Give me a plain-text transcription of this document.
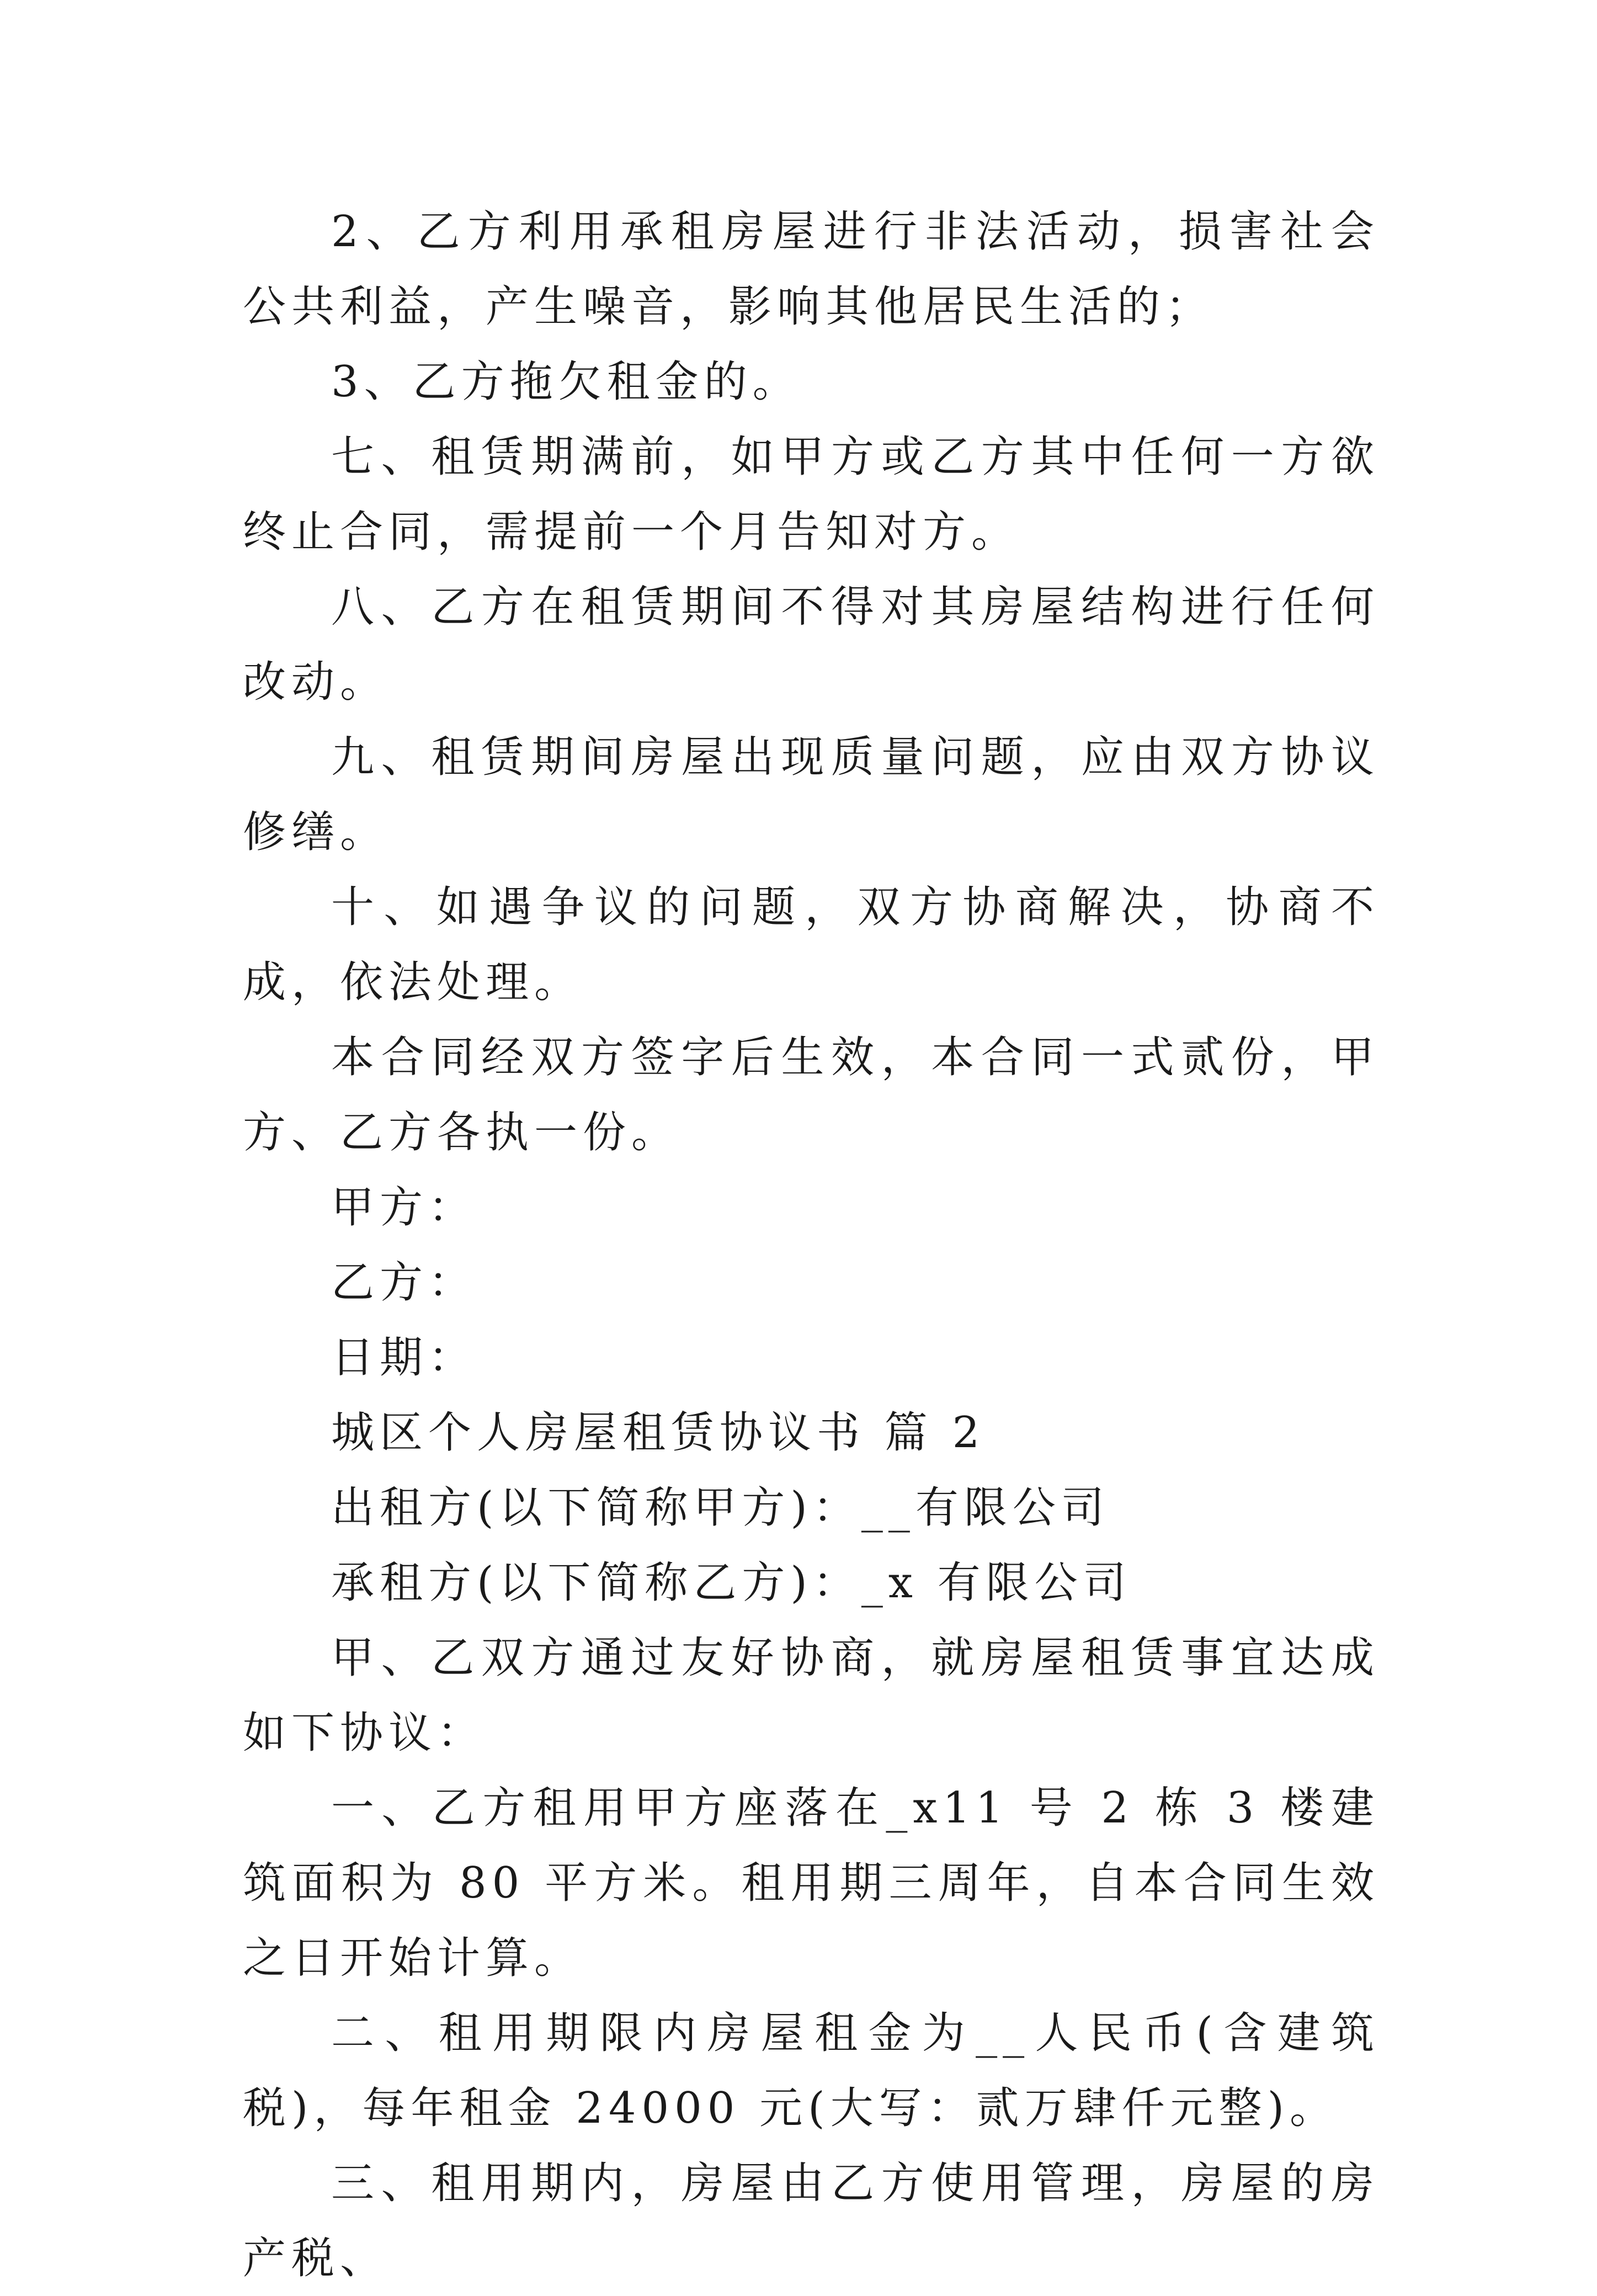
2、乙方利用承租房屋进行非法活动，损害社会公共利益，产生噪音，影响其他居民生活的；

3、乙方拖欠租金的。

七、租赁期满前，如甲方或乙方其中任何一方欲终止合同，需提前一个月告知对方。

八、乙方在租赁期间不得对其房屋结构进行任何改动。

九、租赁期间房屋出现质量问题，应由双方协议修缮。

十、如遇争议的问题，双方协商解决，协商不成，依法处理。

本合同经双方签字后生效，本合同一式贰份，甲方、乙方各执一份。

甲方：

乙方：

日期：

城区个人房屋租赁协议书 篇 2

出租方(以下简称甲方)：__有限公司

承租方(以下简称乙方)：_x 有限公司

甲、乙双方通过友好协商，就房屋租赁事宜达成如下协议：

一、乙方租用甲方座落在_x11 号 2 栋 3 楼建筑面积为 80 平方米。租用期三周年，自本合同生效之日开始计算。

二、租用期限内房屋租金为__人民币(含建筑税)，每年租金 24000 元(大写：贰万肆仟元整)。

三、租用期内，房屋由乙方使用管理，房屋的房产税、
